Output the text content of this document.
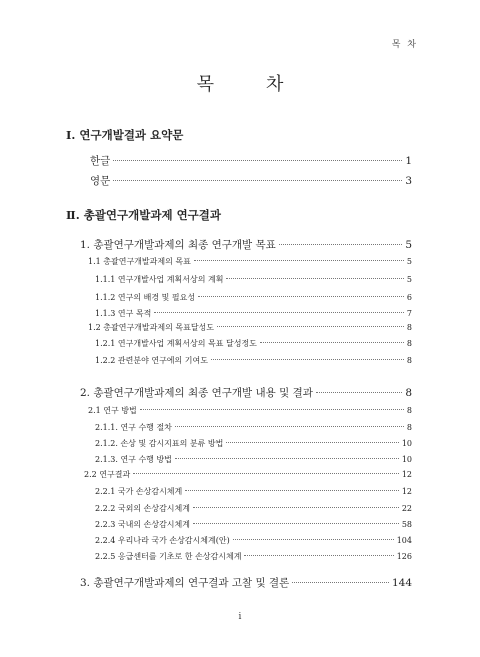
목 차
목	차
Ⅰ. 연구개발결과 요약문
한글	1
영문	3
Ⅱ. 총괄연구개발과제 연구결과
1. 총괄연구개발과제의 최종 연구개발 목표	5
1.1 총괄연구개발과제의 목표	5
1.1.1 연구개발사업 계획서상의 계획	5
1.1.2 연구의 배경 및 필요성	6
1.1.3 연구 목적	7
1.2 총괄연구개발과제의 목표달성도	8
1.2.1 연구개발사업 계획서상의 목표 달성정도	8
1.2.2 관련분야 연구에의 기여도	8
2. 총괄연구개발과제의 최종 연구개발 내용 및 결과	8
2.1 연구 방법	8
2.1.1. 연구 수행 절차	8
2.1.2. 손상 및 감시지표의 분류 방법	10
2.1.3. 연구 수행 방법	10
2.2 연구결과	12
2.2.1 국가 손상감시체계	12
2.2.2 국외의 손상감시체계	22
2.2.3 국내의 손상감시체계	58
2.2.4 우리나라 국가 손상감시체계(안)	104
2.2.5 응급센터를 기초로 한 손상감시체계	126
3. 총괄연구개발과제의 연구결과 고찰 및 결론	144
i
